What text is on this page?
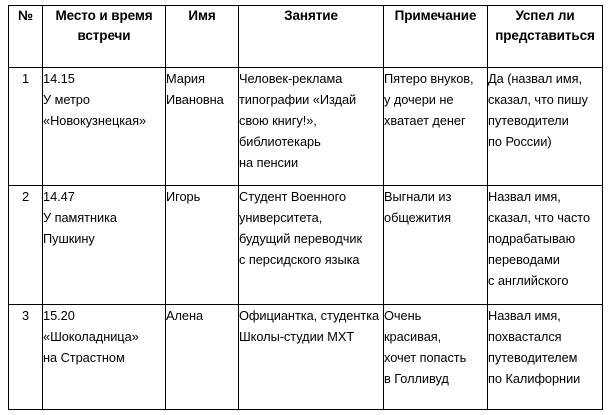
№	Место и время
встречи	Имя	Занятие	Примечание	Успел ли
представиться

1	14.15
У метро
«Новокузнецкая»	Мария
Ивановна	Человек-реклама
типографии «Издай
свою книгу!»,
библиотекарь
на пенсии	Пятеро внуков,
у дочери не
хватает денег	Да (назвал имя,
сказал, что пишу
путеводители
по России)

2	14.47
У памятника
Пушкину	Игорь	Студент Военного
университета,
будущий переводчик
с персидского языка	Выгнали из
общежития	Назвал имя,
сказал, что часто
подрабатываю
переводами
с английского

3	15.20
«Шоколадница»
на Страстном	Алена	Официантка, студентка
Школы-студии МХТ	Очень
красивая,
хочет попасть
в Голливуд	Назвал имя,
похвастался
путеводителем
по Калифорнии
